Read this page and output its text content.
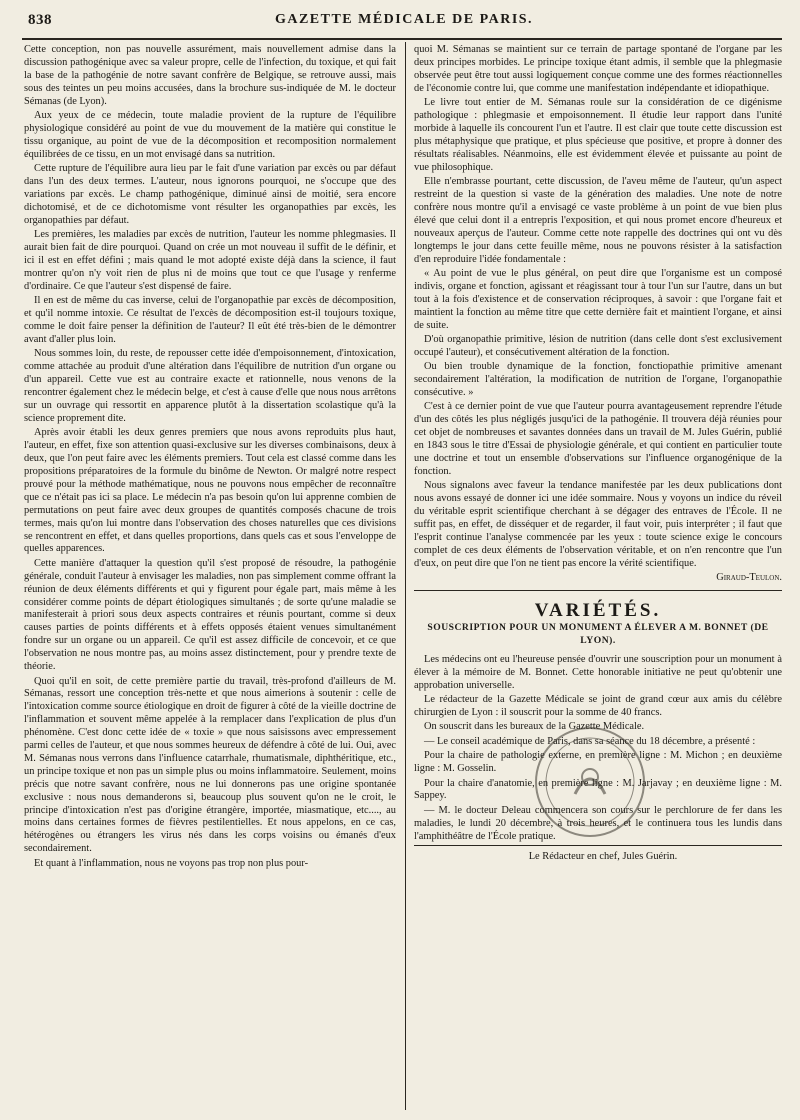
838	GAZETTE MÉDICALE DE PARIS.

Cette conception, non pas nouvelle assurément, mais nouvellement admise dans la discussion pathogénique avec sa valeur propre, celle de l'infection, du toxique, et qui fait la base de la pathogénie de notre savant confrère de Belgique, se retrouve aussi, mais sous des teintes un peu moins accusées, dans la brochure sus-indiquée de M. le docteur Sémanas (de Lyon).

Aux yeux de ce médecin, toute maladie provient de la rupture de l'équilibre physiologique considéré au point de vue du mouvement de la matière qui constitue le tissu organique, au point de vue de la décomposition et recomposition normalement équilibrées de ce tissu, en un mot envisagé dans sa nutrition.

Cette rupture de l'équilibre aura lieu par le fait d'une variation par excès ou par défaut dans l'un des deux termes. L'auteur, nous ignorons pourquoi, ne s'occupe que des variations par excès. Le champ pathogénique, diminué ainsi de moitié, sera encore dichotomisé, et de ce dichotomisme vont résulter les organopathies par excès, les organopathies par défaut.

Les premières, les maladies par excès de nutrition, l'auteur les nomme phlegmasies. Il aurait bien fait de dire pourquoi. Quand on crée un mot nouveau il suffit de le définir, et ici il est en effet défini ; mais quand le mot adopté existe déjà dans la science, il faut montrer qu'on n'y voit rien de plus ni de moins que tout ce que l'usage y renferme d'ordinaire. Ce que l'auteur s'est dispensé de faire.

Il en est de même du cas inverse, celui de l'organopathie par excès de décomposition, et qu'il nomme intoxie. Ce résultat de l'excès de décomposition est-il toujours toxique, comme le doit faire penser la définition de l'auteur? Il eût été très-bien de le démontrer avant d'aller plus loin.

Nous sommes loin, du reste, de repousser cette idée d'empoisonnement, d'intoxication, comme attachée au produit d'une altération dans l'équilibre de nutrition d'un organe ou d'un appareil. Cette vue est au contraire exacte et rationnelle, nous venons de la rencontrer également chez le médecin belge, et c'est à cause d'elle que nous nous arrêtons sur un ouvrage qui ressortit en apparence plutôt à la dissertation scolastique qu'à la science proprement dite.

Après avoir établi les deux genres premiers que nous avons reproduits plus haut, l'auteur, en effet, fixe son attention quasi-exclusive sur les diverses combinaisons, deux à deux, que l'on peut faire avec les éléments premiers. Tout cela est classé comme dans les propositions préparatoires de la formule du binôme de Newton. Or malgré notre respect prouvé pour la méthode mathématique, nous ne pouvons nous empêcher de reconnaître que ce n'était pas ici sa place. Le médecin n'a pas besoin qu'on lui apprenne combien de permutations on peut faire avec deux groupes de quantités composés chacune de trois termes, mais qu'on lui montre dans l'observation des choses naturelles que ces divisions se rencontrent en effet, et dans quelles proportions, dans quels cas et sous l'enveloppe de quelles apparences.

Cette manière d'attaquer la question qu'il s'est proposé de résoudre, la pathogénie générale, conduit l'auteur à envisager les maladies, non pas simplement comme offrant la réunion de deux éléments différents et qui y figurent pour égale part, mais même à les considérer comme points de départ étiologiques simultanés ; de sorte qu'une maladie se manifesterait à priori sous deux aspects contraires et réunis pourtant, comme si deux causes parties de points différents et à effets opposés étaient venues simultanément fondre sur un organe ou un appareil. Ce qu'il est assez difficile de concevoir, et ce que l'observation ne nous montre pas, au moins assez distinctement, pour y prendre texte de théorie.

Quoi qu'il en soit, de cette première partie du travail, très-profond d'ailleurs de M. Sémanas, ressort une conception très-nette et que nous aimerions à soutenir : celle de l'intoxication comme source étiologique en droit de figurer à côté de la vieille doctrine de l'inflammation et souvent même appelée à la remplacer dans l'explication de plus d'un phénomène. C'est donc cette idée de « toxie » que nous saisissons avec empressement parmi celles de l'auteur, et que nous sommes heureux de défendre à côté de lui. Oui, avec M. Sémanas nous verrons dans l'influence catarrhale, rhumatismale, diphthéritique, etc., un principe toxique et non pas un simple plus ou moins inflammatoire. Seulement, moins précis que notre savant confrère, nous ne lui donnerons pas une origine spontanée exclusive : nous nous demanderons si, beaucoup plus souvent qu'on ne le croit, le principe d'intoxication n'est pas d'origine étrangère, importée, miasmatique, etc...., au moins dans certaines formes de fièvres pestilentielles. Et nous appelons, en ce cas, hétérogènes ou étrangers les virus nés dans les corps voisins ou émanés d'eux secondairement.

Et quant à l'inflammation, nous ne voyons pas trop non plus pour-

quoi M. Sémanas se maintient sur ce terrain de partage spontané de l'organe par les deux principes morbides. Le principe toxique étant admis, il semble que la phlegmasie observée peut être tout aussi logiquement conçue comme une des formes réactionnelles de l'économie contre lui, que comme une manifestation indépendante et idiopathique.

Le livre tout entier de M. Sémanas roule sur la considération de ce digénisme pathologique : phlegmasie et empoisonnement. Il étudie leur rapport dans l'unité morbide à laquelle ils concourent l'un et l'autre. Il est clair que toute cette discussion est plus métaphysique que pratique, et plus spécieuse que positive, et propre à donner des résultats réalisables. Néanmoins, elle est évidemment élevée et puissante au point de vue philosophique.

Elle n'embrasse pourtant, cette discussion, de l'aveu même de l'auteur, qu'un aspect restreint de la question si vaste de la génération des maladies. Une note de notre confrère nous montre qu'il a envisagé ce vaste problème à un point de vue bien plus élevé que celui dont il a entrepris l'exposition, et qui nous promet encore d'heureux et nouveaux aperçus de l'auteur. Comme cette note rappelle des doctrines qui ont vu dès longtemps le jour dans cette feuille même, nous ne pouvons résister à la satisfaction d'en reproduire l'idée fondamentale :

« Au point de vue le plus général, on peut dire que l'organisme est un composé indivis, organe et fonction, agissant et réagissant tour à tour l'un sur l'autre, dans un but tout à la fois d'existence et de conservation réciproques, à savoir : que l'organe fait et maintient la fonction au même titre que cette dernière fait et maintient l'organe, et ainsi de suite.

D'où organopathie primitive, lésion de nutrition (dans celle dont s'est exclusivement occupé l'auteur), et consécutivement altération de la fonction.

Ou bien trouble dynamique de la fonction, fonctiopathie primitive amenant secondairement l'altération, la modification de nutrition de l'organe, l'organopathie consécutive. »

C'est à ce dernier point de vue que l'auteur pourra avantageusement reprendre l'étude d'un des côtés les plus négligés jusqu'ici de la pathogénie. Il trouvera déjà réunies pour cet objet de nombreuses et savantes données dans un travail de M. Jules Guérin, publié en 1843 sous le titre d'Essai de physiologie générale, et qui contient en particulier toute une doctrine et tout un ensemble d'observations sur l'influence organogénique de la fonction.

Nous signalons avec faveur la tendance manifestée par les deux publications dont nous avons essayé de donner ici une idée sommaire. Nous y voyons un indice du réveil du véritable esprit scientifique cherchant à se dégager des entraves de l'École. Il ne suffit pas, en effet, de disséquer et de regarder, il faut voir, puis interpréter ; il faut que l'esprit continue l'analyse commencée par les yeux : toute science exige le concours complet de ces deux éléments de l'observation véritable, et on n'en rencontre que l'un d'eux, on peut dire que l'on ne tient pas encore la vérité scientifique.

Giraud-Teulon.

VARIÉTÉS.
SOUSCRIPTION POUR UN MONUMENT A ÉLEVER A M. BONNET (DE LYON).

Les médecins ont eu l'heureuse pensée d'ouvrir une souscription pour un monument à élever à la mémoire de M. Bonnet. Cette honorable initiative ne peut qu'obtenir une approbation universelle.

Le rédacteur de la Gazette Médicale se joint de grand cœur aux amis du célèbre chirurgien de Lyon : il souscrit pour la somme de 40 francs.

On souscrit dans les bureaux de la Gazette Médicale.

— Le conseil académique de Paris, dans sa séance du 18 décembre, a présenté :

Pour la chaire de pathologie externe, en première ligne : M. Michon ; en deuxième ligne : M. Gosselin.

Pour la chaire d'anatomie, en première ligne : M. Jarjavay ; en deuxième ligne : M. Sappey.

— M. le docteur Deleau commencera son cours sur le perchlorure de fer dans les maladies, le lundi 20 décembre, à trois heures, et le continuera tous les lundis dans l'amphithéâtre de l'École pratique.

Le Rédacteur en chef, Jules Guérin.
